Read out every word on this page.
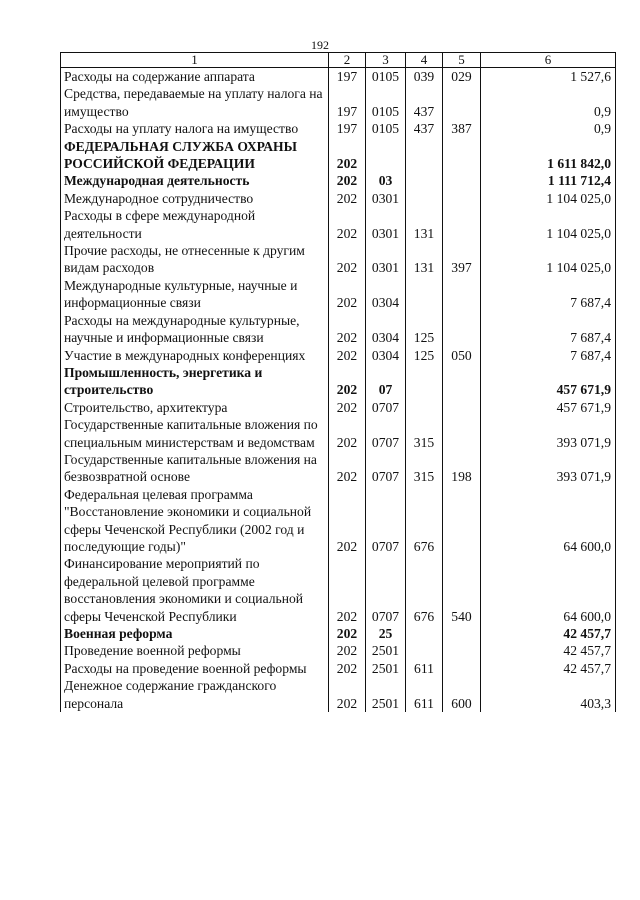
192
1	2	3	4	5	6
Расходы на содержание аппарата	197	0105	039	029	1 527,6
Средства, передаваемые на уплату налога на имущество	197	0105	437		0,9
Расходы на уплату налога на имущество	197	0105	437	387	0,9
ФЕДЕРАЛЬНАЯ СЛУЖБА ОХРАНЫ РОССИЙСКОЙ ФЕДЕРАЦИИ	202				1 611 842,0
Международная деятельность	202	03			1 111 712,4
Международное сотрудничество	202	0301			1 104 025,0
Расходы в сфере международной деятельности	202	0301	131		1 104 025,0
Прочие расходы, не отнесенные к другим видам расходов	202	0301	131	397	1 104 025,0
Международные культурные, научные и информационные связи	202	0304			7 687,4
Расходы на международные культурные, научные и информационные связи	202	0304	125		7 687,4
Участие в международных конференциях	202	0304	125	050	7 687,4
Промышленность, энергетика и строительство	202	07			457 671,9
Строительство, архитектура	202	0707			457 671,9
Государственные капитальные вложения по специальным министерствам и ведомствам	202	0707	315		393 071,9
Государственные капитальные вложения на безвозвратной основе	202	0707	315	198	393 071,9
Федеральная целевая программа "Восстановление экономики и социальной сферы Чеченской Республики (2002 год и последующие годы)"	202	0707	676		64 600,0
Финансирование мероприятий по федеральной целевой программе восстановления экономики и социальной сферы Чеченской Республики	202	0707	676	540	64 600,0
Военная реформа	202	25			42 457,7
Проведение военной реформы	202	2501			42 457,7
Расходы на проведение военной реформы	202	2501	611		42 457,7
Денежное содержание гражданского персонала	202	2501	611	600	403,3
